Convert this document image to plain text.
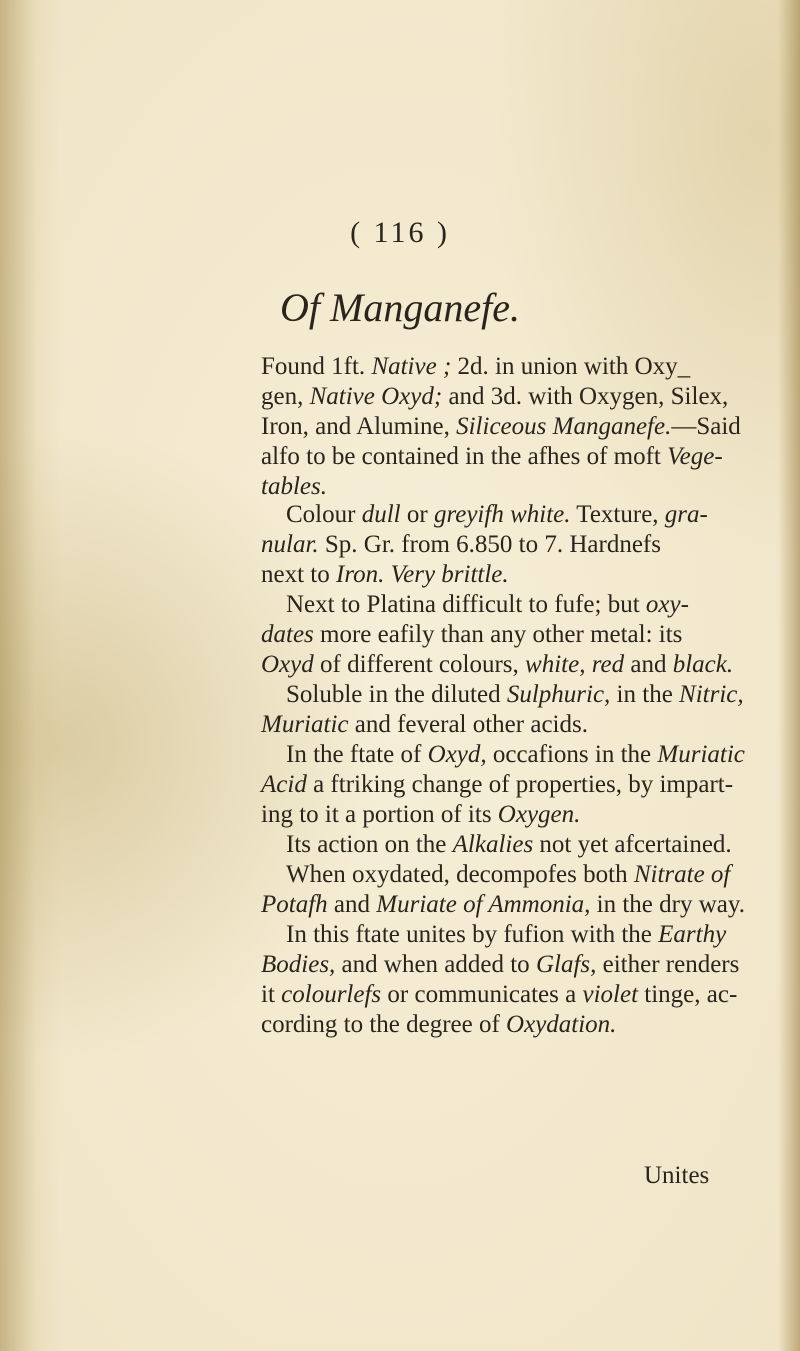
( 116 )
Of Manganefe.
Found 1ft. Native ; 2d. in union with Oxy_
gen, Native Oxyd; and 3d. with Oxygen, Silex,
Iron, and Alumine, Siliceous Manganefe.—Said
alfo to be contained in the afhes of moft Vege-
tables.
Colour dull or greyifh white. Texture, gra-
nular. Sp. Gr. from 6.850 to 7. Hardnefs
next to Iron. Very brittle.
Next to Platina difficult to fufe; but oxy-
dates more eafily than any other metal: its
Oxyd of different colours, white, red and black.
Soluble in the diluted Sulphuric, in the Nitric,
Muriatic and feveral other acids.
In the ftate of Oxyd, occafions in the Muriatic
Acid a ftriking change of properties, by impart-
ing to it a portion of its Oxygen.
Its action on the Alkalies not yet afcertained.
When oxydated, decompofes both Nitrate of
Potafh and Muriate of Ammonia, in the dry way.
In this ftate unites by fufion with the Earthy
Bodies, and when added to Glafs, either renders
it colourlefs or communicates a violet tinge, ac-
cording to the degree of Oxydation.
Unites
